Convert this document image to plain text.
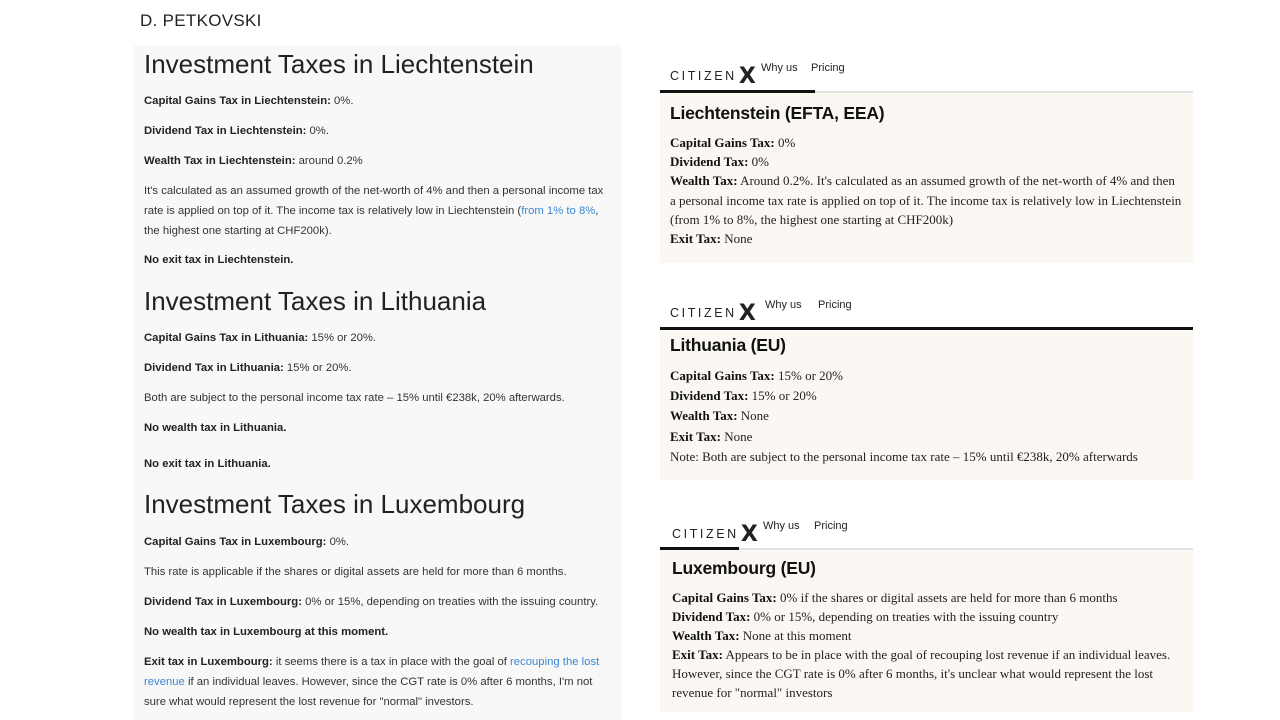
D. PETKOVSKI
Investment Taxes in Liechtenstein

Capital Gains Tax in Liechtenstein: 0%.

Dividend Tax in Liechtenstein: 0%.

Wealth Tax in Liechtenstein: around 0.2%

It's calculated as an assumed growth of the net-worth of 4% and then a personal income tax rate is applied on top of it. The income tax is relatively low in Liechtenstein (from 1% to 8%, the highest one starting at CHF200k).

No exit tax in Liechtenstein.

Investment Taxes in Lithuania

Capital Gains Tax in Lithuania: 15% or 20%.

Dividend Tax in Lithuania: 15% or 20%.

Both are subject to the personal income tax rate – 15% until €238k, 20% afterwards.

No wealth tax in Lithuania.

No exit tax in Lithuania.

Investment Taxes in Luxembourg

Capital Gains Tax in Luxembourg: 0%.

This rate is applicable if the shares or digital assets are held for more than 6 months.

Dividend Tax in Luxembourg: 0% or 15%, depending on treaties with the issuing country.

No wealth tax in Luxembourg at this moment.

Exit tax in Luxembourg: it seems there is a tax in place with the goal of recouping the lost revenue if an individual leaves. However, since the CGT rate is 0% after 6 months, I'm not sure what would represent the lost revenue for "normal" investors.

CITIZENX Why us Pricing
Liechtenstein (EFTA, EEA)
Capital Gains Tax: 0%
Dividend Tax: 0%
Wealth Tax: Around 0.2%. It's calculated as an assumed growth of the net-worth of 4% and then a personal income tax rate is applied on top of it. The income tax is relatively low in Liechtenstein (from 1% to 8%, the highest one starting at CHF200k)
Exit Tax: None
CITIZENX Why us Pricing
Lithuania (EU)
Capital Gains Tax: 15% or 20%
Dividend Tax: 15% or 20%
Wealth Tax: None
Exit Tax: None
Note: Both are subject to the personal income tax rate – 15% until €238k, 20% afterwards
CITIZENX Why us Pricing
Luxembourg (EU)
Capital Gains Tax: 0% if the shares or digital assets are held for more than 6 months
Dividend Tax: 0% or 15%, depending on treaties with the issuing country
Wealth Tax: None at this moment
Exit Tax: Appears to be in place with the goal of recouping lost revenue if an individual leaves. However, since the CGT rate is 0% after 6 months, it's unclear what would represent the lost revenue for "normal" investors
